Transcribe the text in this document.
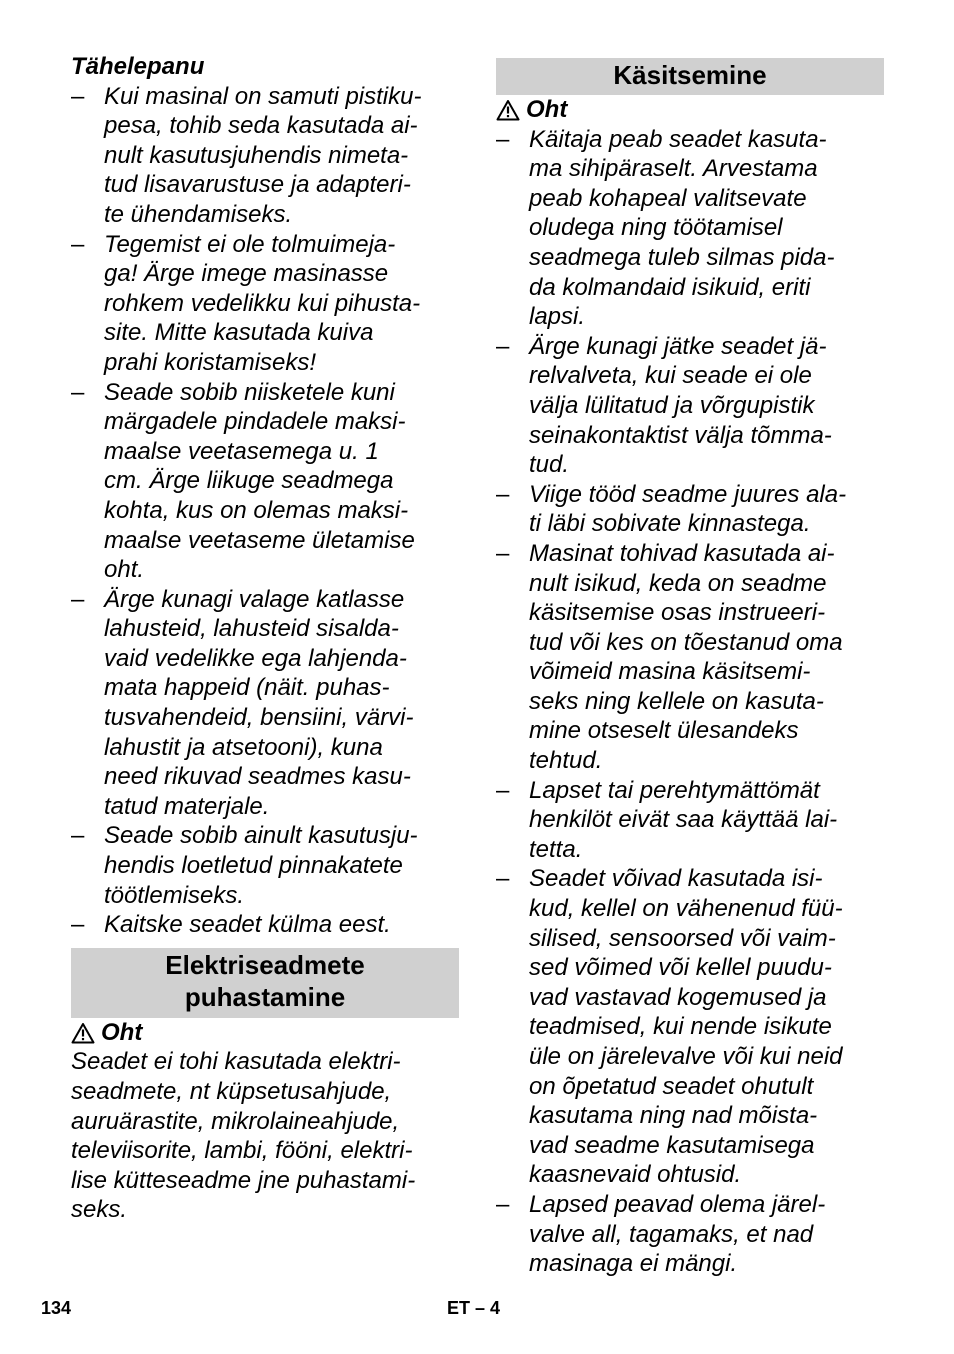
Tähelepanu
– Kui masinal on samuti pistiku-
pesa, tohib seda kasutada ai-
nult kasutusjuhendis nimeta-
tud lisavarustuse ja adapteri-
te ühendamiseks.
– Tegemist ei ole tolmuimeja-
ga! Ärge imege masinasse
rohkem vedelikku kui pihusta-
site. Mitte kasutada kuiva
prahi koristamiseks!
– Seade sobib niisketele kuni
märgadele pindadele maksi-
maalse veetasemega u. 1
cm. Ärge liikuge seadmega
kohta, kus on olemas maksi-
maalse veetaseme ületamise
oht.
– Ärge kunagi valage katlasse
lahusteid, lahusteid sisalda-
vaid vedelikke ega lahjenda-
mata happeid (näit. puhas-
tusvahendeid, bensiini, värvi-
lahustit ja atsetooni), kuna
need rikuvad seadmes kasu-
tatud materjale.
– Seade sobib ainult kasutusju-
hendis loetletud pinnakatete
töötlemiseks.
– Kaitske seadet külma eest.
Elektriseadmete
puhastamine
Oht
Seadet ei tohi kasutada elektri-
seadmete, nt küpsetusahjude,
auruärastite, mikrolaineahjude,
televiisorite, lambi, fööni, elektri-
lise kütteseadme jne puhastami-
seks.
Käsitsemine
Oht
– Käitaja peab seadet kasuta-
ma sihipäraselt. Arvestama
peab kohapeal valitsevate
oludega ning töötamisel
seadmega tuleb silmas pida-
da kolmandaid isikuid, eriti
lapsi.
– Ärge kunagi jätke seadet jä-
relvalveta, kui seade ei ole
välja lülitatud ja võrgupistik
seinakontaktist välja tõmma-
tud.
– Viige tööd seadme juures ala-
ti läbi sobivate kinnastega.
– Masinat tohivad kasutada ai-
nult isikud, keda on seadme
käsitsemise osas instrueeri-
tud või kes on tõestanud oma
võimeid masina käsitsemi-
seks ning kellele on kasuta-
mine otseselt ülesandeks
tehtud.
– Lapset tai perehtymättömät
henkilöt eivät saa käyttää lai-
tetta.
– Seadet võivad kasutada isi-
kud, kellel on vähenenud füü-
silised, sensoorsed või vaim-
sed võimed või kellel puudu-
vad vastavad kogemused ja
teadmised, kui nende isikute
üle on järelevalve või kui neid
on õpetatud seadet ohutult
kasutama ning nad mõista-
vad seadme kasutamisega
kaasnevaid ohtusid.
– Lapsed peavad olema järel-
valve all, tagamaks, et nad
masinaga ei mängi.
134	ET – 4
